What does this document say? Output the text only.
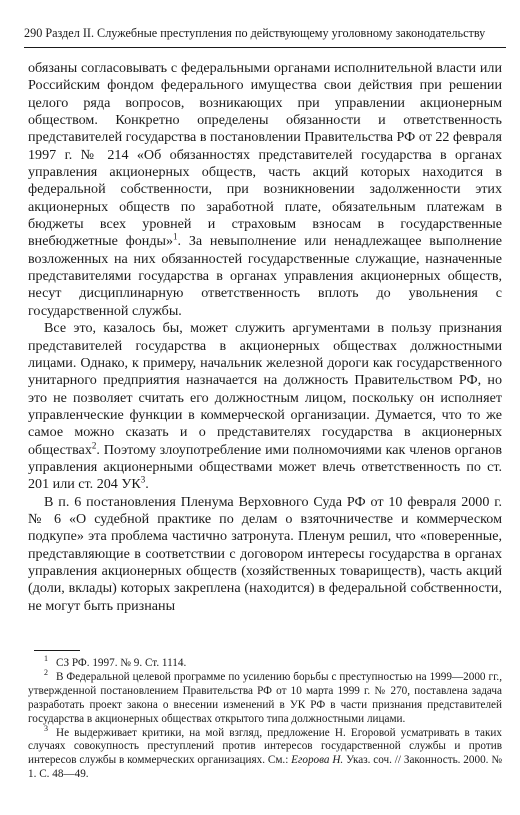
290 Раздел II. Служебные преступления по действующему уголовному законодательству

обязаны согласовывать с федеральными органами исполнительной власти или Российским фондом федерального имущества свои действия при решении целого ряда вопросов, возникающих при управлении акционерным обществом. Конкретно определены обязанности и ответственность представителей государства в постановлении Правительства РФ от 22 февраля 1997 г. № 214 «Об обязанностях представителей государства в органах управления акционерных обществ, часть акций которых находится в федеральной собственности, при возникновении задолженности этих акционерных обществ по заработной плате, обязательным платежам в бюджеты всех уровней и страховым взносам в государственные внебюджетные фонды»$^1$. За невыполнение или ненадлежащее выполнение возложенных на них обязанностей государственные служащие, назначенные представителями государства в органах управления акционерных обществ, несут дисциплинарную ответственность вплоть до увольнения с государственной службы.

Все это, казалось бы, может служить аргументами в пользу признания представителей государства в акционерных обществах должностными лицами. Однако, к примеру, начальник железной дороги как государственного унитарного предприятия назначается на должность Правительством РФ, но это не позволяет считать его должностным лицом, поскольку он исполняет управленческие функции в коммерческой организации. Думается, что то же самое можно сказать и о представителях государства в акционерных обществах$^2$. Поэтому злоупотребление ими полномочиями как членов органов управления акционерными обществами может влечь ответственность по ст. 201 или ст. 204 УК$^3$.

В п. 6 постановления Пленума Верховного Суда РФ от 10 февраля 2000 г. № 6 «О судебной практике по делам о взяточничестве и коммерческом подкупе» эта проблема частично затронута. Пленум решил, что «поверенные, представляющие в соответствии с договором интересы государства в органах управления акционерных обществ (хозяйственных товариществ), часть акций (доли, вклады) которых закреплена (находится) в федеральной собственности, не могут быть признаны

$^1$ СЗ РФ. 1997. № 9. Ст. 1114.

$^2$ В Федеральной целевой программе по усилению борьбы с преступностью на 1999—2000 гг., утвержденной постановлением Правительства РФ от 10 марта 1999 г. № 270, поставлена задача разработать проект закона о внесении изменений в УК РФ в части признания представителей государства в акционерных обществах открытого типа должностными лицами.

$^3$ Не выдерживает критики, на мой взгляд, предложение Н. Егоровой усматривать в таких случаях совокупность преступлений против интересов государственной службы и против интересов службы в коммерческих организациях. См.: Егорова Н. Указ. соч. // Законность. 2000. № 1. С. 48—49.
